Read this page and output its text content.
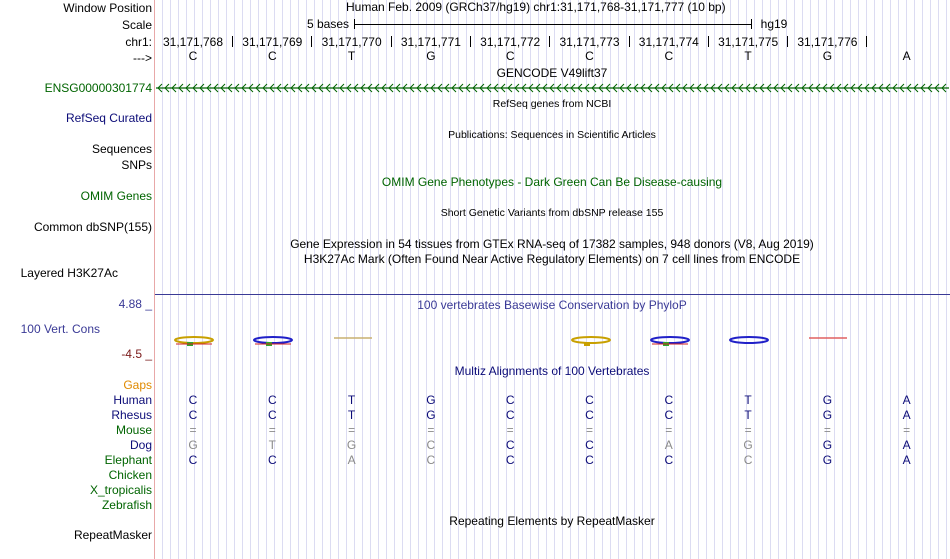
Window Position
Scale
chr1:
--->
ENSG00000301774
RefSeq Curated
Sequences
SNPs
OMIM Genes
Common dbSNP(155)
Layered H3K27Ac
4.88 _
100 Vert. Cons
-4.5 _
Gaps
Human
Rhesus
Mouse
Dog
Elephant
Chicken
X_tropicalis
Zebrafish
RepeatMasker
Human Feb. 2009 (GRCh37/hg19) chr1:31,171,768-31,171,777 (10 bp)
5 bases	hg19
31,171,768 31,171,769 31,171,770 31,171,771 31,171,772 31,171,773 31,171,774 31,171,775 31,171,776
C	C	T	G	C	C	C	T	G	A
GENCODE V49lift37
RefSeq genes from NCBI
Publications: Sequences in Scientific Articles
OMIM Gene Phenotypes - Dark Green Can Be Disease-causing
Short Genetic Variants from dbSNP release 155
Gene Expression in 54 tissues from GTEx RNA-seq of 17382 samples, 948 donors (V8, Aug 2019)
H3K27Ac Mark (Often Found Near Active Regulatory Elements) on 7 cell lines from ENCODE
100 vertebrates Basewise Conservation by PhyloP
Multiz Alignments of 100 Vertebrates
C	C	T	G	C	C	C	T	G	A
C	C	T	G	C	C	C	T	G	A
=	=	=	=	=	=	=	=	=	=
G	T	G	C	C	C	A	G	G	A
C	C	A	C	C	C	C	C	G	A
Repeating Elements by RepeatMasker
